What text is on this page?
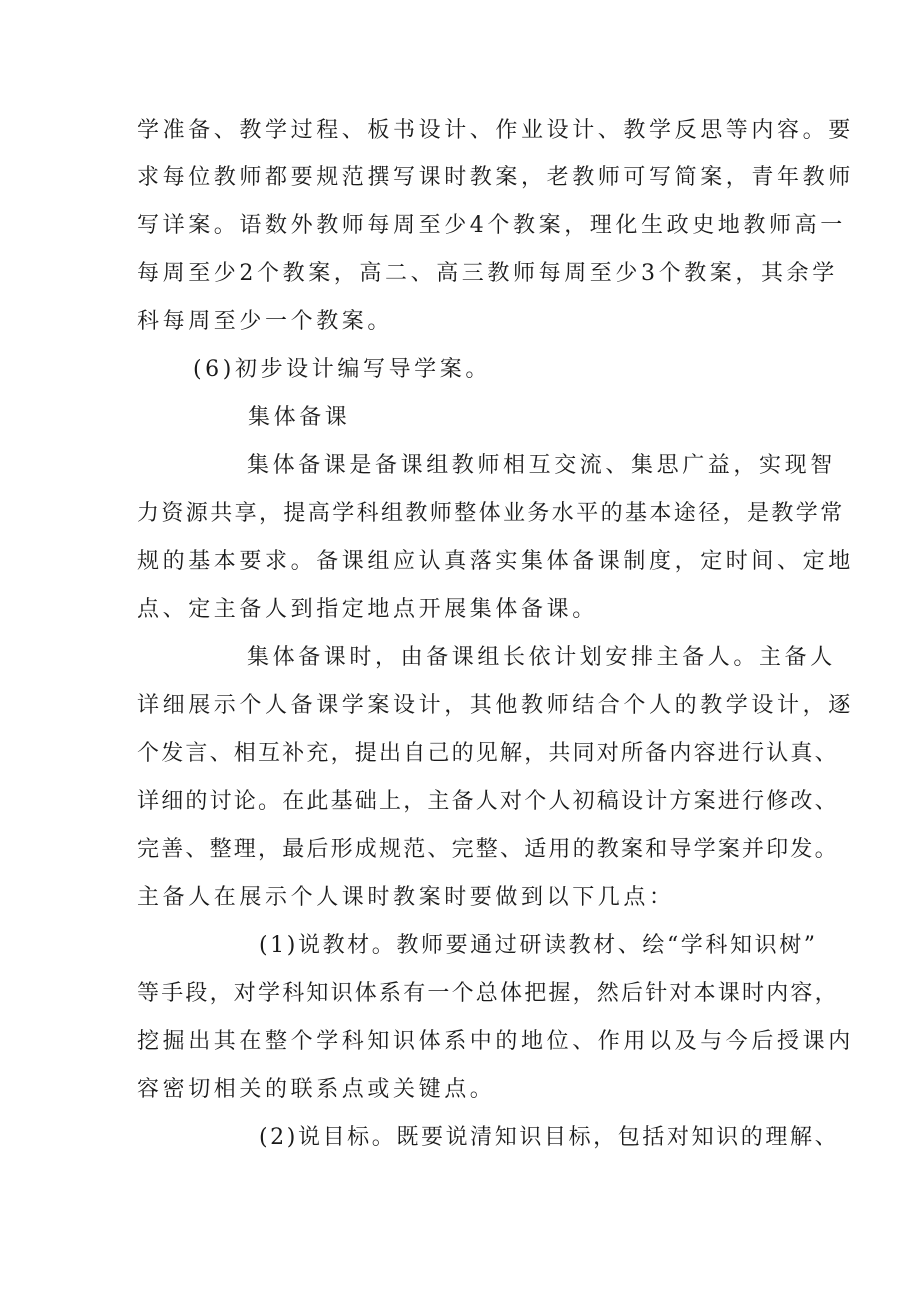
学准备、教学过程、板书设计、作业设计、教学反思等内容。要
求每位教师都要规范撰写课时教案，老教师可写简案，青年教师
写详案。语数外教师每周至少4个教案，理化生政史地教师高一
每周至少2个教案，高二、高三教师每周至少3个教案，其余学
科每周至少一个教案。
(6)初步设计编写导学案。
集体备课
集体备课是备课组教师相互交流、集思广益，实现智
力资源共享，提高学科组教师整体业务水平的基本途径，是教学常
规的基本要求。备课组应认真落实集体备课制度，定时间、定地
点、定主备人到指定地点开展集体备课。
集体备课时，由备课组长依计划安排主备人。主备人
详细展示个人备课学案设计，其他教师结合个人的教学设计，逐
个发言、相互补充，提出自己的见解，共同对所备内容进行认真、
详细的讨论。在此基础上，主备人对个人初稿设计方案进行修改、
完善、整理，最后形成规范、完整、适用的教案和导学案并印发。
主备人在展示个人课时教案时要做到以下几点：
(1)说教材。教师要通过研读教材、绘“学科知识树”
等手段，对学科知识体系有一个总体把握，然后针对本课时内容，
挖掘出其在整个学科知识体系中的地位、作用以及与今后授课内
容密切相关的联系点或关键点。
(2)说目标。既要说清知识目标，包括对知识的理解、
